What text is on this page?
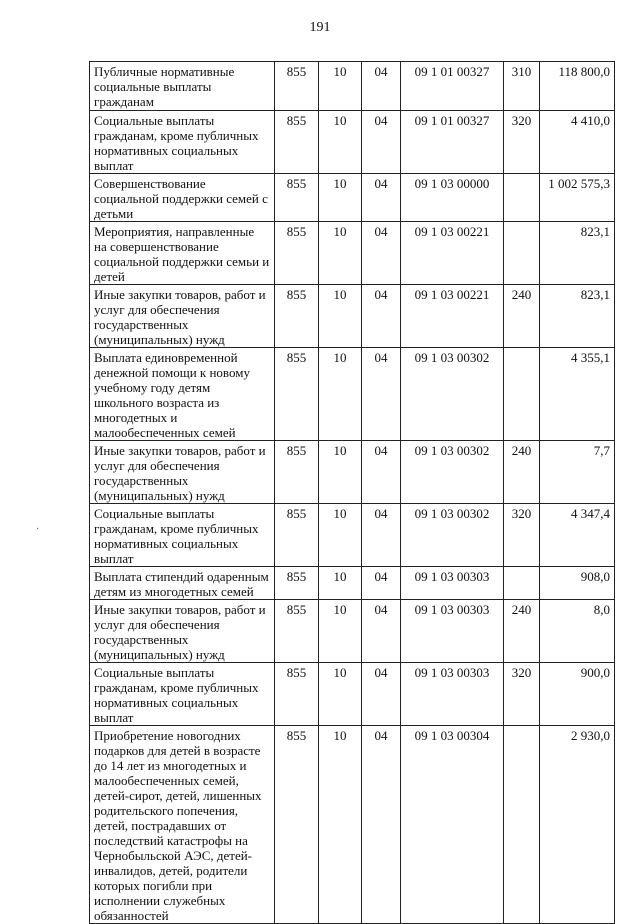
191
Публичные нормативные социальные выплаты гражданам	855	10	04	09 1 01 00327	310	118 800,0
Социальные выплаты гражданам, кроме публичных нормативных социальных выплат	855	10	04	09 1 01 00327	320	4 410,0
Совершенствование социальной поддержки семей с детьми	855	10	04	09 1 03 00000		1 002 575,3
Мероприятия, направленные на совершенствование социальной поддержки семьи и детей	855	10	04	09 1 03 00221		823,1
Иные закупки товаров, работ и услуг для обеспечения государственных (муниципальных) нужд	855	10	04	09 1 03 00221	240	823,1
Выплата единовременной денежной помощи к новому учебному году детям школьного возраста из многодетных и малообеспеченных семей	855	10	04	09 1 03 00302		4 355,1
Иные закупки товаров, работ и услуг для обеспечения государственных (муниципальных) нужд	855	10	04	09 1 03 00302	240	7,7
Социальные выплаты гражданам, кроме публичных нормативных социальных выплат	855	10	04	09 1 03 00302	320	4 347,4
Выплата стипендий одаренным детям из многодетных семей	855	10	04	09 1 03 00303		908,0
Иные закупки товаров, работ и услуг для обеспечения государственных (муниципальных) нужд	855	10	04	09 1 03 00303	240	8,0
Социальные выплаты гражданам, кроме публичных нормативных социальных выплат	855	10	04	09 1 03 00303	320	900,0
Приобретение новогодних подарков для детей в возрасте до 14 лет из многодетных и малообеспеченных семей, детей-сирот, детей, лишенных родительского попечения, детей, пострадавших от последствий катастрофы на Чернобыльской АЭС, детей-инвалидов, детей, родители которых погибли при исполнении служебных обязанностей	855	10	04	09 1 03 00304		2 930,0
·
